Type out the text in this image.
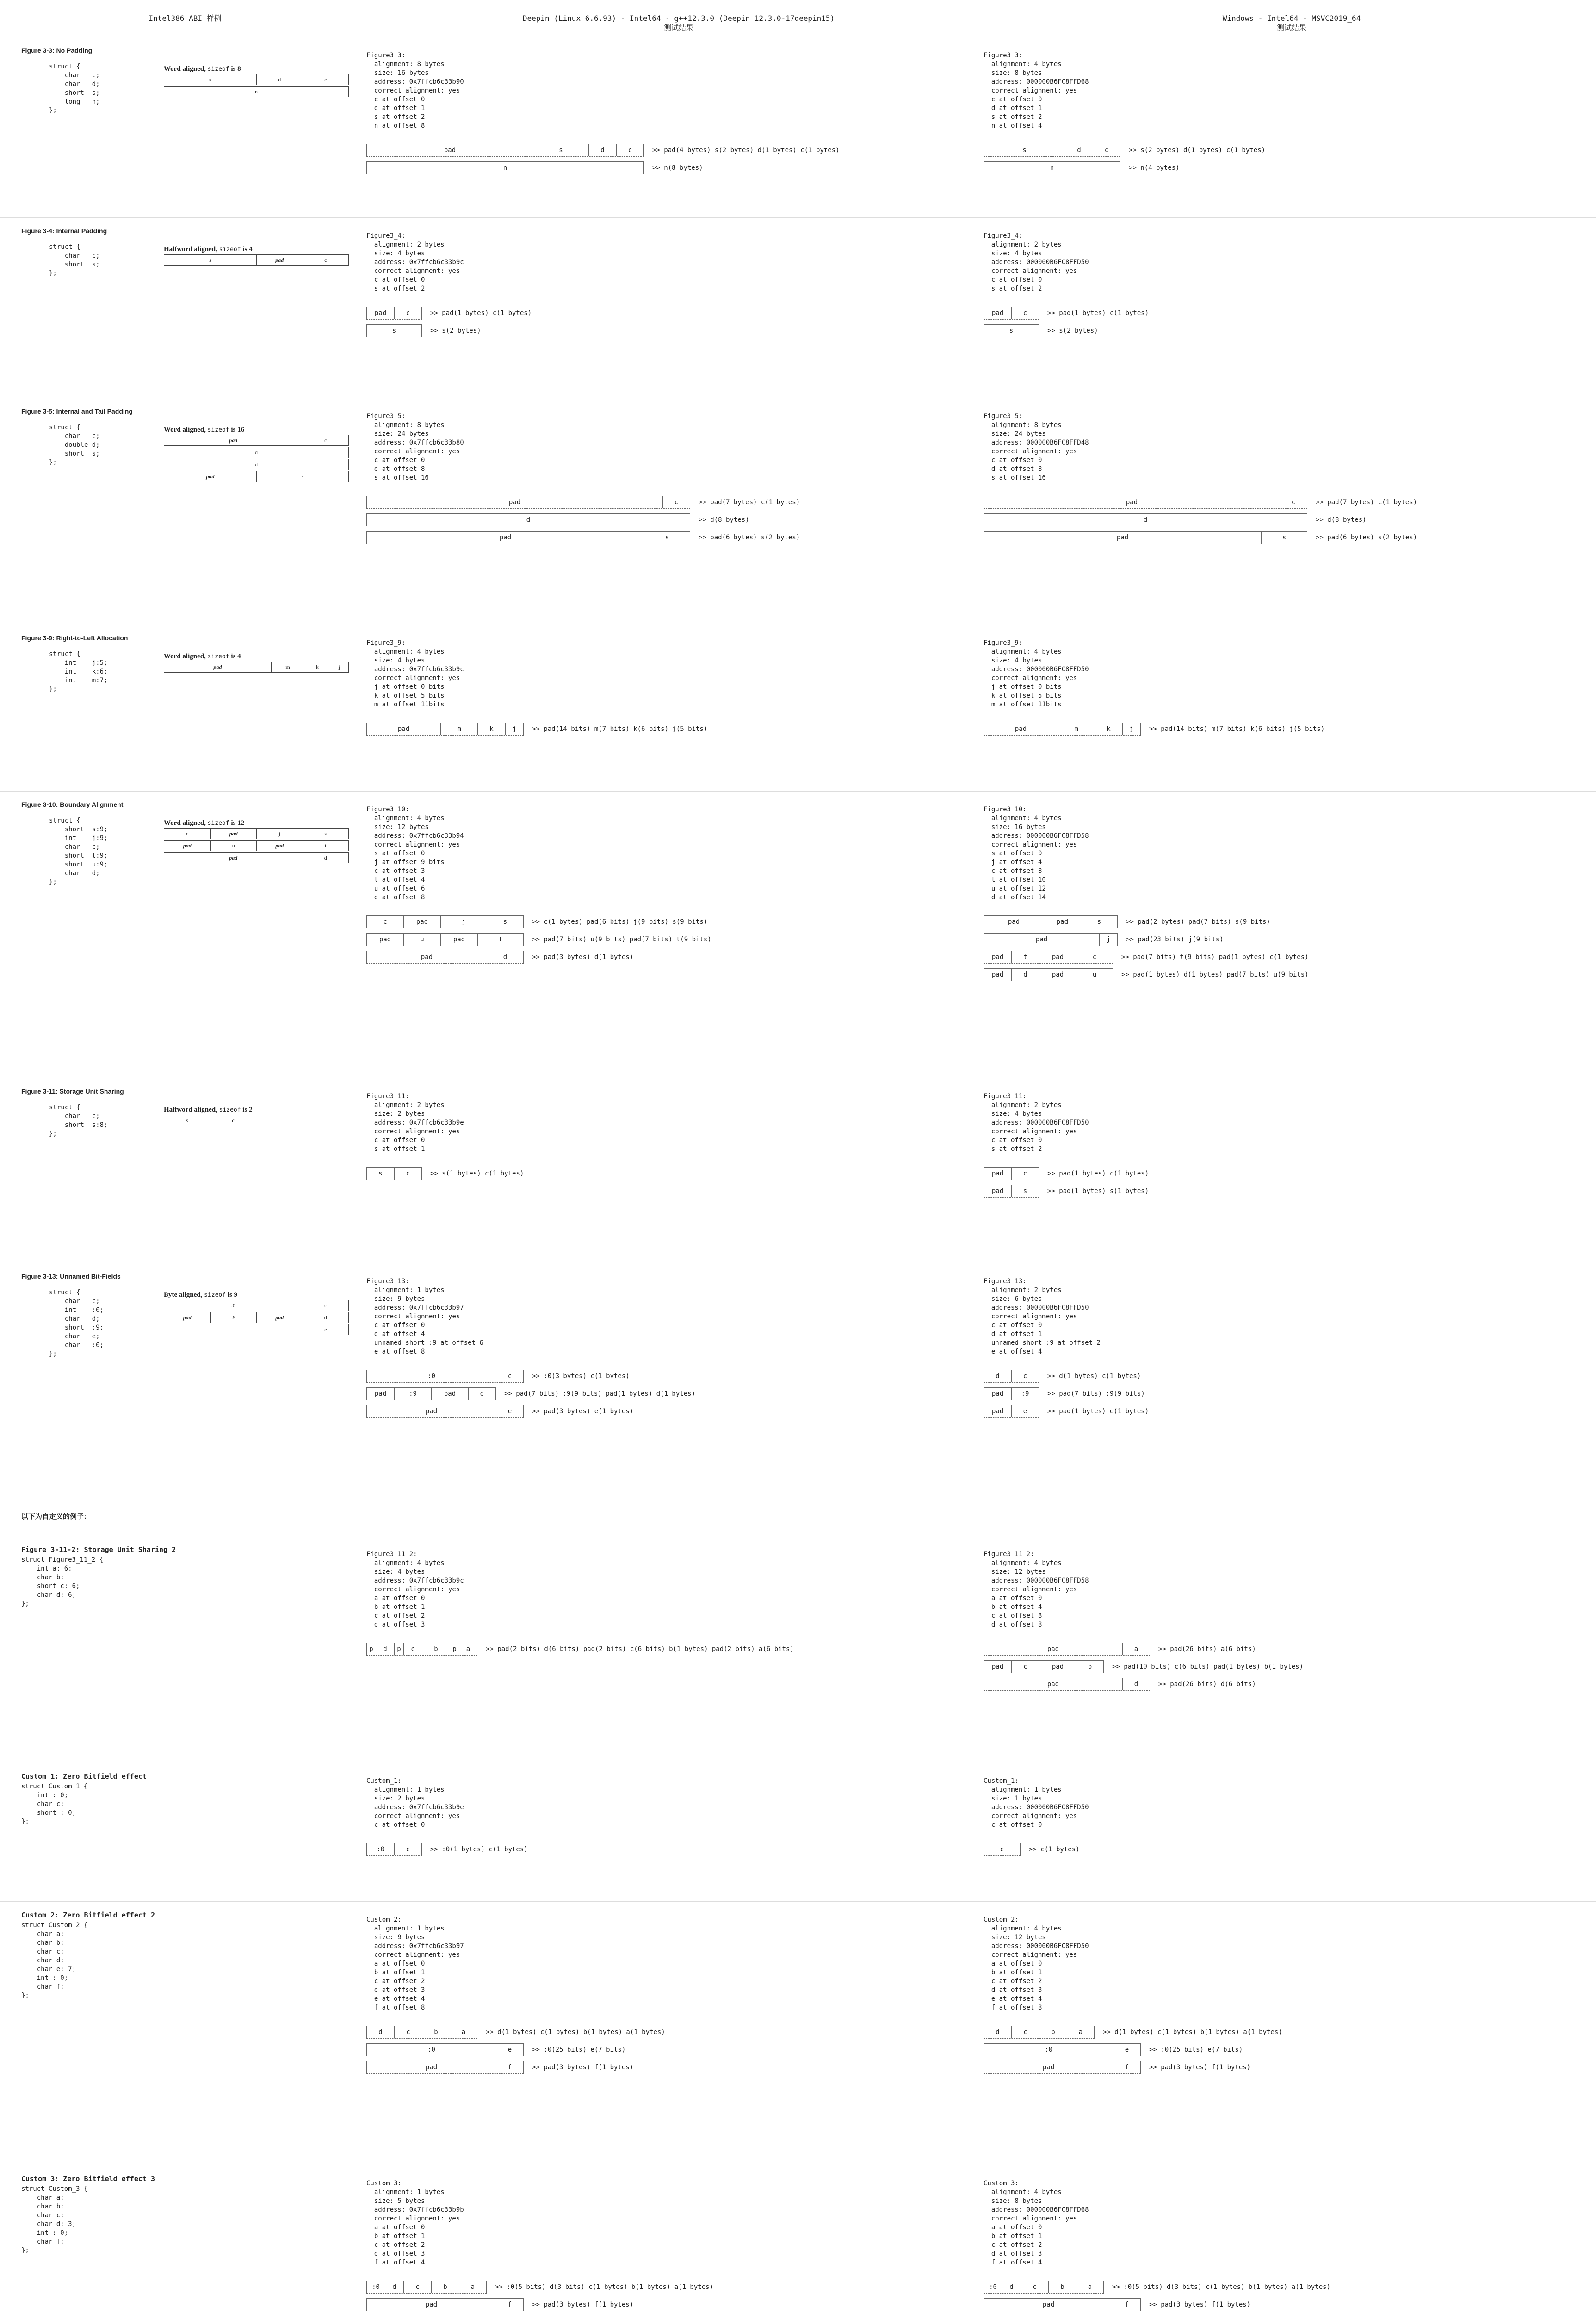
Intel386 ABI 样例	Deepin (Linux 6.6.93) - Intel64 - g++12.3.0 (Deepin 12.3.0-17deepin15)
测试结果
Windows - Intel64 - MSVC2019_64
测试结果
Figure 3-3: No Padding
struct {
char   c;
char   d;
short  s;
long   n;
};
Word aligned, sizeof is 8
s	d	c
n
Figure3_3:
alignment: 8 bytes
size: 16 bytes
address: 0x7ffcb6c33b90
correct alignment: yes
c at offset 0
d at offset 1
s at offset 2
n at offset 8
pad	s	d	c	>> pad(4 bytes) s(2 bytes) d(1 bytes) c(1 bytes)
n	>> n(8 bytes)
Figure3_3:
alignment: 4 bytes
size: 8 bytes
address: 000000B6FC8FFD68
correct alignment: yes
c at offset 0
d at offset 1
s at offset 2
n at offset 4
s	d	c	>> s(2 bytes) d(1 bytes) c(1 bytes)
n	>> n(4 bytes)
Figure 3-4: Internal Padding
struct {
char   c;
short  s;
};
Halfword aligned, sizeof is 4
s	pad	c
Figure3_4:
alignment: 2 bytes
size: 4 bytes
address: 0x7ffcb6c33b9c
correct alignment: yes
c at offset 0
s at offset 2
pad	c	>> pad(1 bytes) c(1 bytes)
s	>> s(2 bytes)
Figure3_4:
alignment: 2 bytes
size: 4 bytes
address: 000000B6FC8FFD50
correct alignment: yes
c at offset 0
s at offset 2
pad	c	>> pad(1 bytes) c(1 bytes)
s	>> s(2 bytes)
Figure 3-5: Internal and Tail Padding
struct {
char   c;
double d;
short  s;
};
Word aligned, sizeof is 16
pad	c
d
d
pad	s
Figure3_5:
alignment: 8 bytes
size: 24 bytes
address: 0x7ffcb6c33b80
correct alignment: yes
c at offset 0
d at offset 8
s at offset 16
pad	c	>> pad(7 bytes) c(1 bytes)
d	>> d(8 bytes)
pad	s	>> pad(6 bytes) s(2 bytes)
Figure3_5:
alignment: 8 bytes
size: 24 bytes
address: 000000B6FC8FFD48
correct alignment: yes
c at offset 0
d at offset 8
s at offset 16
pad	c	>> pad(7 bytes) c(1 bytes)
d	>> d(8 bytes)
pad	s	>> pad(6 bytes) s(2 bytes)
Figure 3-9: Right-to-Left Allocation
struct {
int    j:5;
int    k:6;
int    m:7;
};
Word aligned, sizeof is 4
pad	m	k	j
Figure3_9:
alignment: 4 bytes
size: 4 bytes
address: 0x7ffcb6c33b9c
correct alignment: yes
j at offset 0 bits
k at offset 5 bits
m at offset 11bits
pad	m	k	j	>> pad(14 bits) m(7 bits) k(6 bits) j(5 bits)
Figure3_9:
alignment: 4 bytes
size: 4 bytes
address: 000000B6FC8FFD50
correct alignment: yes
j at offset 0 bits
k at offset 5 bits
m at offset 11bits
pad	m	k	j	>> pad(14 bits) m(7 bits) k(6 bits) j(5 bits)
Figure 3-10: Boundary Alignment
struct {
short  s:9;
int    j:9;
char   c;
short  t:9;
short  u:9;
char   d;
};
Word aligned, sizeof is 12
c	pad	j	s
pad	u	pad	t
pad	d
Figure3_10:
alignment: 4 bytes
size: 12 bytes
address: 0x7ffcb6c33b94
correct alignment: yes
s at offset 0
j at offset 9 bits
c at offset 3
t at offset 4
u at offset 6
d at offset 8
c	pad	j	s	>> c(1 bytes) pad(6 bits) j(9 bits) s(9 bits)
pad	u	pad	t	>> pad(7 bits) u(9 bits) pad(7 bits) t(9 bits)
pad	d	>> pad(3 bytes) d(1 bytes)
Figure3_10:
alignment: 4 bytes
size: 16 bytes
address: 000000B6FC8FFD58
correct alignment: yes
s at offset 0
j at offset 4
c at offset 8
t at offset 10
u at offset 12
d at offset 14
pad	pad	s	>> pad(2 bytes) pad(7 bits) s(9 bits)
pad	j	>> pad(23 bits) j(9 bits)
pad	t	pad	c	>> pad(7 bits) t(9 bits) pad(1 bytes) c(1 bytes)
pad	d	pad	u	>> pad(1 bytes) d(1 bytes) pad(7 bits) u(9 bits)
Figure 3-11: Storage Unit Sharing
struct {
char   c;
short  s:8;
};
Halfword aligned, sizeof is 2
s	c
Figure3_11:
alignment: 2 bytes
size: 2 bytes
address: 0x7ffcb6c33b9e
correct alignment: yes
c at offset 0
s at offset 1
s	c	>> s(1 bytes) c(1 bytes)
Figure3_11:
alignment: 2 bytes
size: 4 bytes
address: 000000B6FC8FFD50
correct alignment: yes
c at offset 0
s at offset 2
pad	c	>> pad(1 bytes) c(1 bytes)
pad	s	>> pad(1 bytes) s(1 bytes)
Figure 3-13: Unnamed Bit-Fields
struct {
char   c;
int    :0;
char   d;
short  :9;
char   e;
char   :0;
};
Byte aligned, sizeof is 9
:0	c
pad	:9	pad	d
e
Figure3_13:
alignment: 1 bytes
size: 9 bytes
address: 0x7ffcb6c33b97
correct alignment: yes
c at offset 0
d at offset 4
unnamed short :9 at offset 6
e at offset 8
:0	c	>> :0(3 bytes) c(1 bytes)
pad	:9	pad	d	>> pad(7 bits) :9(9 bits) pad(1 bytes) d(1 bytes)
pad	e	>> pad(3 bytes) e(1 bytes)
Figure3_13:
alignment: 2 bytes
size: 6 bytes
address: 000000B6FC8FFD50
correct alignment: yes
c at offset 0
d at offset 1
unnamed short :9 at offset 2
e at offset 4
d	c	>> d(1 bytes) c(1 bytes)
pad	:9	>> pad(7 bits) :9(9 bits)
pad	e	>> pad(1 bytes) e(1 bytes)
以下为自定义的例子：
Figure 3-11-2: Storage Unit Sharing 2
struct Figure3_11_2 {
int a: 6;
char b;
short c: 6;
char d: 6;
};
Figure3_11_2:
alignment: 4 bytes
size: 4 bytes
address: 0x7ffcb6c33b9c
correct alignment: yes
a at offset 0
b at offset 1
c at offset 2
d at offset 3
p	d	p	c	b	p	a	>> pad(2 bits) d(6 bits) pad(2 bits) c(6 bits) b(1 bytes) pad(2 bits) a(6 bits)
Figure3_11_2:
alignment: 4 bytes
size: 12 bytes
address: 000000B6FC8FFD58
correct alignment: yes
a at offset 0
b at offset 4
c at offset 8
d at offset 8
pad	a	>> pad(26 bits) a(6 bits)
pad	c	pad	b	>> pad(10 bits) c(6 bits) pad(1 bytes) b(1 bytes)
pad	d	>> pad(26 bits) d(6 bits)
Custom 1: Zero Bitfield effect
struct Custom_1 {
int : 0;
char c;
short : 0;
};
Custom_1:
alignment: 1 bytes
size: 2 bytes
address: 0x7ffcb6c33b9e
correct alignment: yes
c at offset 0
:0	c	>> :0(1 bytes) c(1 bytes)
Custom_1:
alignment: 1 bytes
size: 1 bytes
address: 000000B6FC8FFD50
correct alignment: yes
c at offset 0
c	>> c(1 bytes)
Custom 2: Zero Bitfield effect 2
struct Custom_2 {
char a;
char b;
char c;
char d;
char e: 7;
int : 0;
char f;
};
Custom_2:
alignment: 1 bytes
size: 9 bytes
address: 0x7ffcb6c33b97
correct alignment: yes
a at offset 0
b at offset 1
c at offset 2
d at offset 3
e at offset 4
f at offset 8
d	c	b	a	>> d(1 bytes) c(1 bytes) b(1 bytes) a(1 bytes)
:0	e	>> :0(25 bits) e(7 bits)
pad	f	>> pad(3 bytes) f(1 bytes)
Custom_2:
alignment: 4 bytes
size: 12 bytes
address: 000000B6FC8FFD50
correct alignment: yes
a at offset 0
b at offset 1
c at offset 2
d at offset 3
e at offset 4
f at offset 8
d	c	b	a	>> d(1 bytes) c(1 bytes) b(1 bytes) a(1 bytes)
:0	e	>> :0(25 bits) e(7 bits)
pad	f	>> pad(3 bytes) f(1 bytes)
Custom 3: Zero Bitfield effect 3
struct Custom_3 {
char a;
char b;
char c;
char d: 3;
int : 0;
char f;
};
Custom_3:
alignment: 1 bytes
size: 5 bytes
address: 0x7ffcb6c33b9b
correct alignment: yes
a at offset 0
b at offset 1
c at offset 2
d at offset 3
f at offset 4
:0	d	c	b	a	>> :0(5 bits) d(3 bits) c(1 bytes) b(1 bytes) a(1 bytes)
pad	f	>> pad(3 bytes) f(1 bytes)
Custom_3:
alignment: 4 bytes
size: 8 bytes
address: 000000B6FC8FFD68
correct alignment: yes
a at offset 0
b at offset 1
c at offset 2
d at offset 3
f at offset 4
:0	d	c	b	a	>> :0(5 bits) d(3 bits) c(1 bytes) b(1 bytes) a(1 bytes)
pad	f	>> pad(3 bytes) f(1 bytes)
